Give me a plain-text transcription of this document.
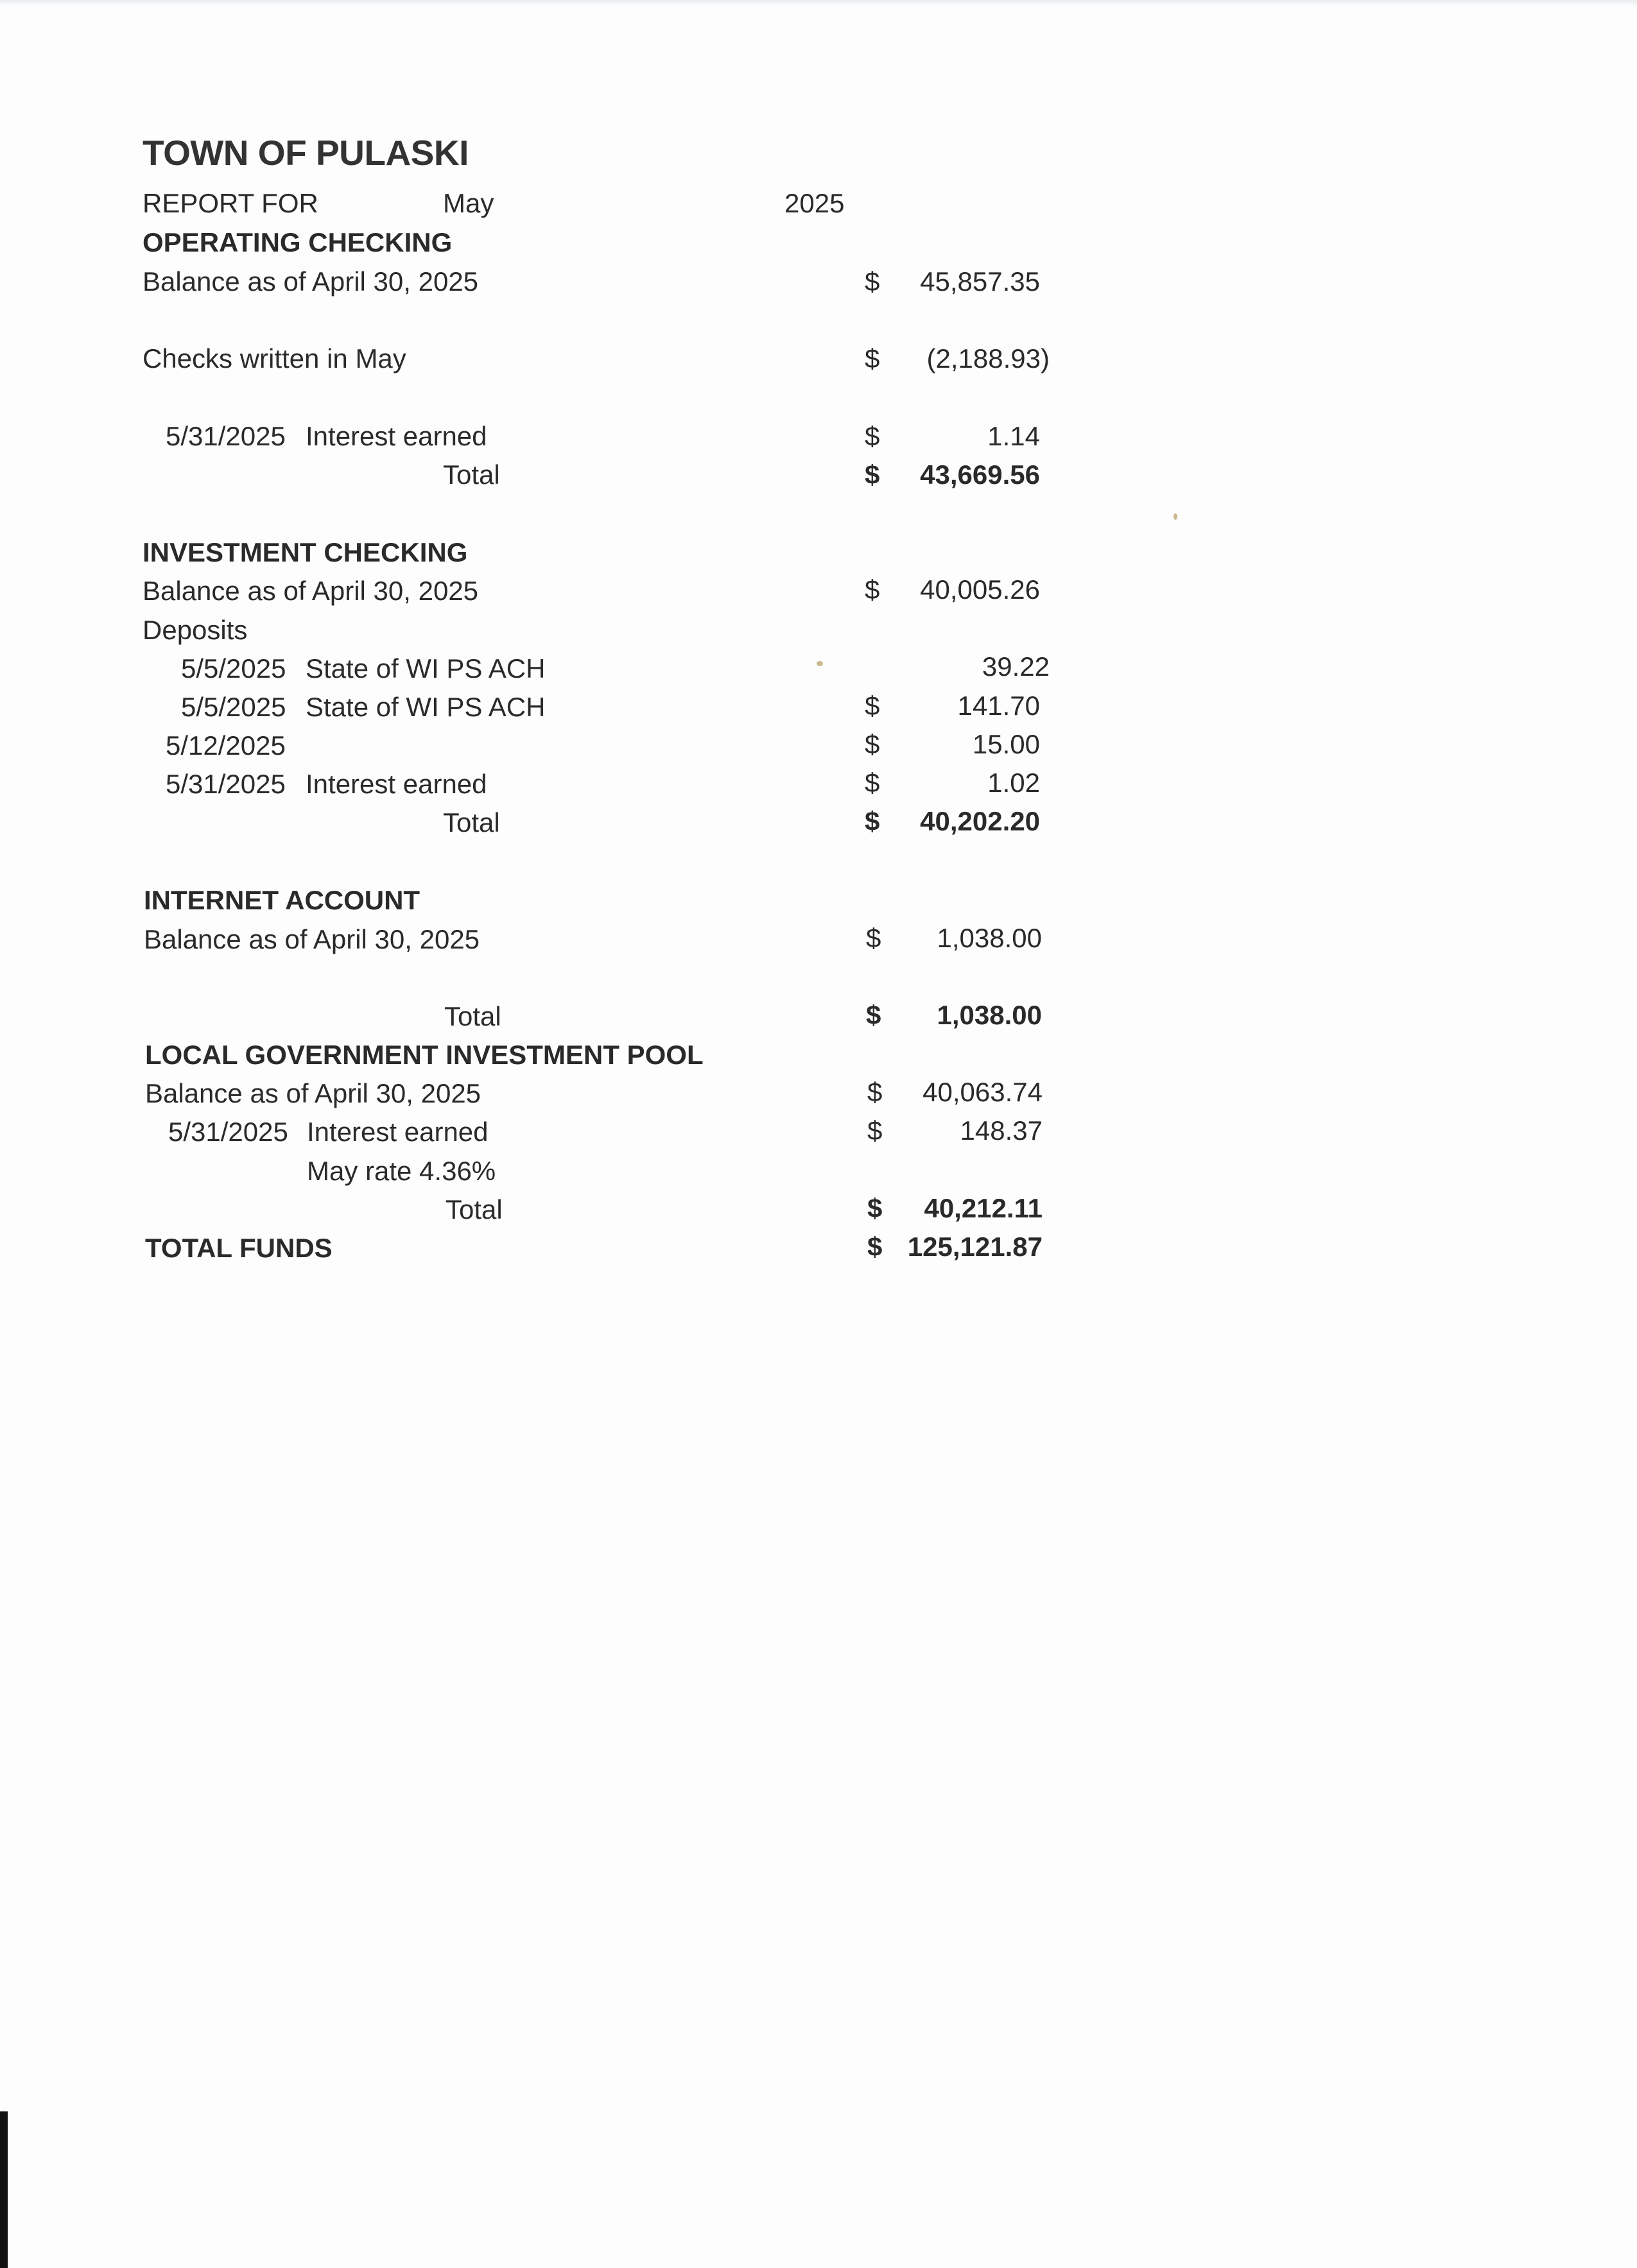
TOWN OF PULASKI
REPORT FOR	May	2025
OPERATING CHECKING
Balance as of April 30, 2025	$ 45,857.35
Checks written in May	$ (2,188.93)
5/31/2025 Interest earned	$	1.14
Total	$ 43,669.56
INVESTMENT CHECKING
Balance as of April 30, 2025	$ 40,005.26
Deposits
5/5/2025 State of WI PS ACH	39.22
5/5/2025 State of WI PS ACH	$	141.70
5/12/2025	$	15.00
5/31/2025 Interest earned	$	1.02
Total	$ 40,202.20
INTERNET ACCOUNT
Balance as of April 30, 2025	$ 1,038.00
Total	$ 1,038.00
LOCAL GOVERNMENT INVESTMENT POOL
Balance as of April 30, 2025	$ 40,063.74
5/31/2025 Interest earned	$	148.37
May rate 4.36%
Total	$ 40,212.11
TOTAL FUNDS	$ 125,121.87
